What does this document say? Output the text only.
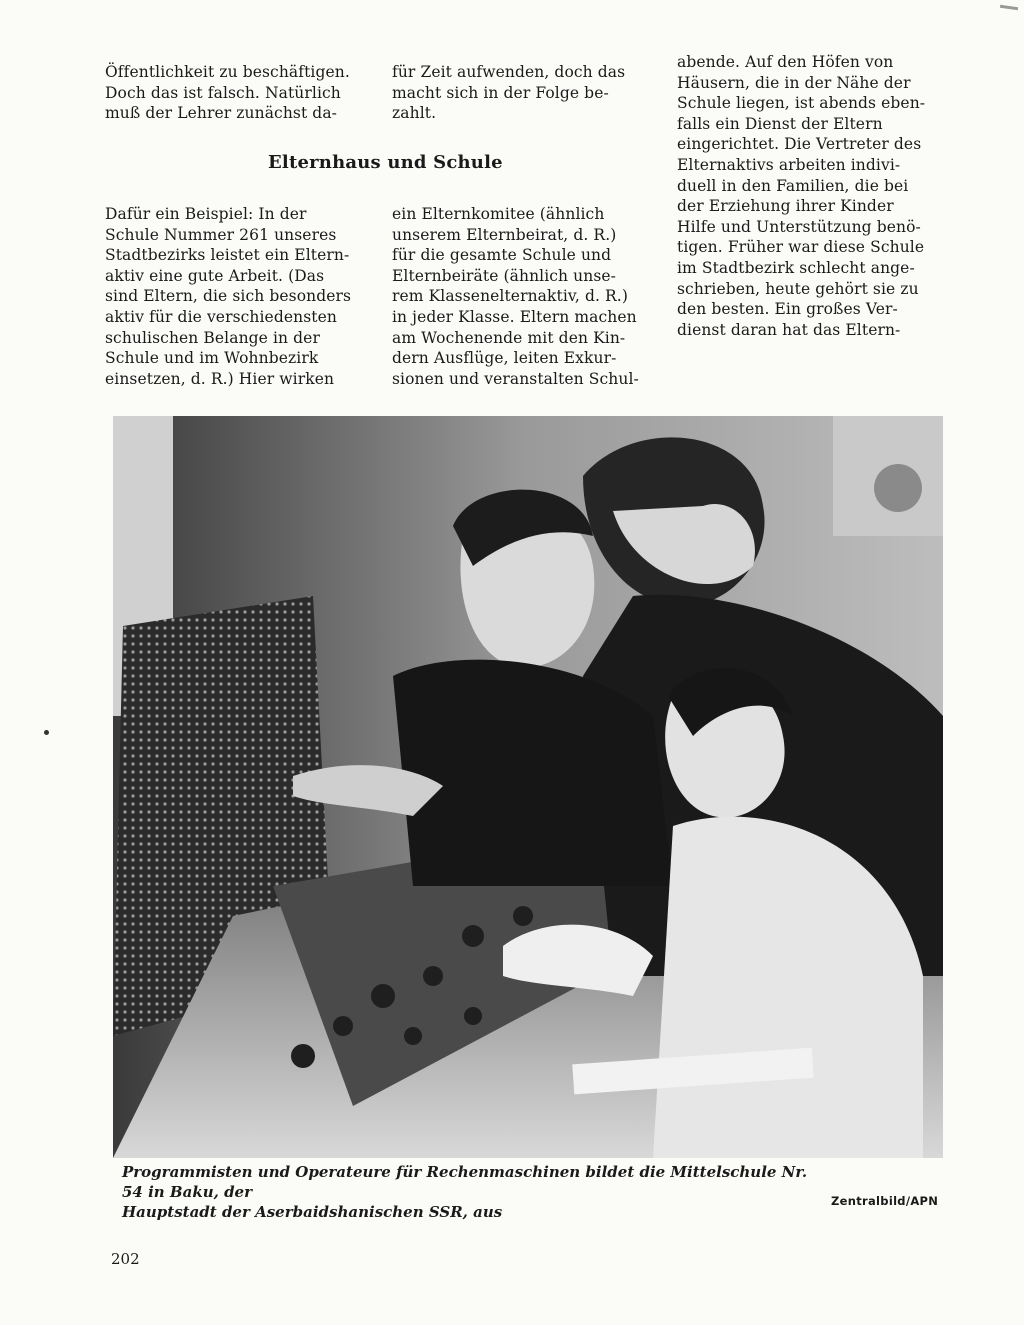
Öffentlichkeit zu beschäftigen.

Doch das ist falsch. Natürlich

muß der Lehrer zunächst da-

für Zeit aufwenden, doch das

macht sich in der Folge be-

zahlt.

Elternhaus und Schule

Dafür ein Beispiel: In der

Schule Nummer 261 unseres

Stadtbezirks leistet ein Eltern-

aktiv eine gute Arbeit. (Das

sind Eltern, die sich besonders

aktiv für die verschiedensten

schulischen Belange in der

Schule und im Wohnbezirk

einsetzen, d. R.) Hier wirken

ein Elternkomitee (ähnlich

unserem Elternbeirat, d. R.)

für die gesamte Schule und

Elternbeiräte (ähnlich unse-

rem Klassenelternaktiv, d. R.)

in jeder Klasse. Eltern machen

am Wochenende mit den Kin-

dern Ausflüge, leiten Exkur-

sionen und veranstalten Schul-

abende. Auf den Höfen von

Häusern, die in der Nähe der

Schule liegen, ist abends eben-

falls ein Dienst der Eltern

eingerichtet. Die Vertreter des

Elternaktivs arbeiten indivi-

duell in den Familien, die bei

der Erziehung ihrer Kinder

Hilfe und Unterstützung benö-

tigen. Früher war diese Schule

im Stadtbezirk schlecht ange-

schrieben, heute gehört sie zu

den besten. Ein großes Ver-

dienst daran hat das Eltern-

Programmisten und Operateure für Rechenmaschinen bildet die Mittelschule Nr. 54 in Baku, der
Hauptstadt der Aserbaidshanischen SSR, aus
Zentralbild/APN
202
